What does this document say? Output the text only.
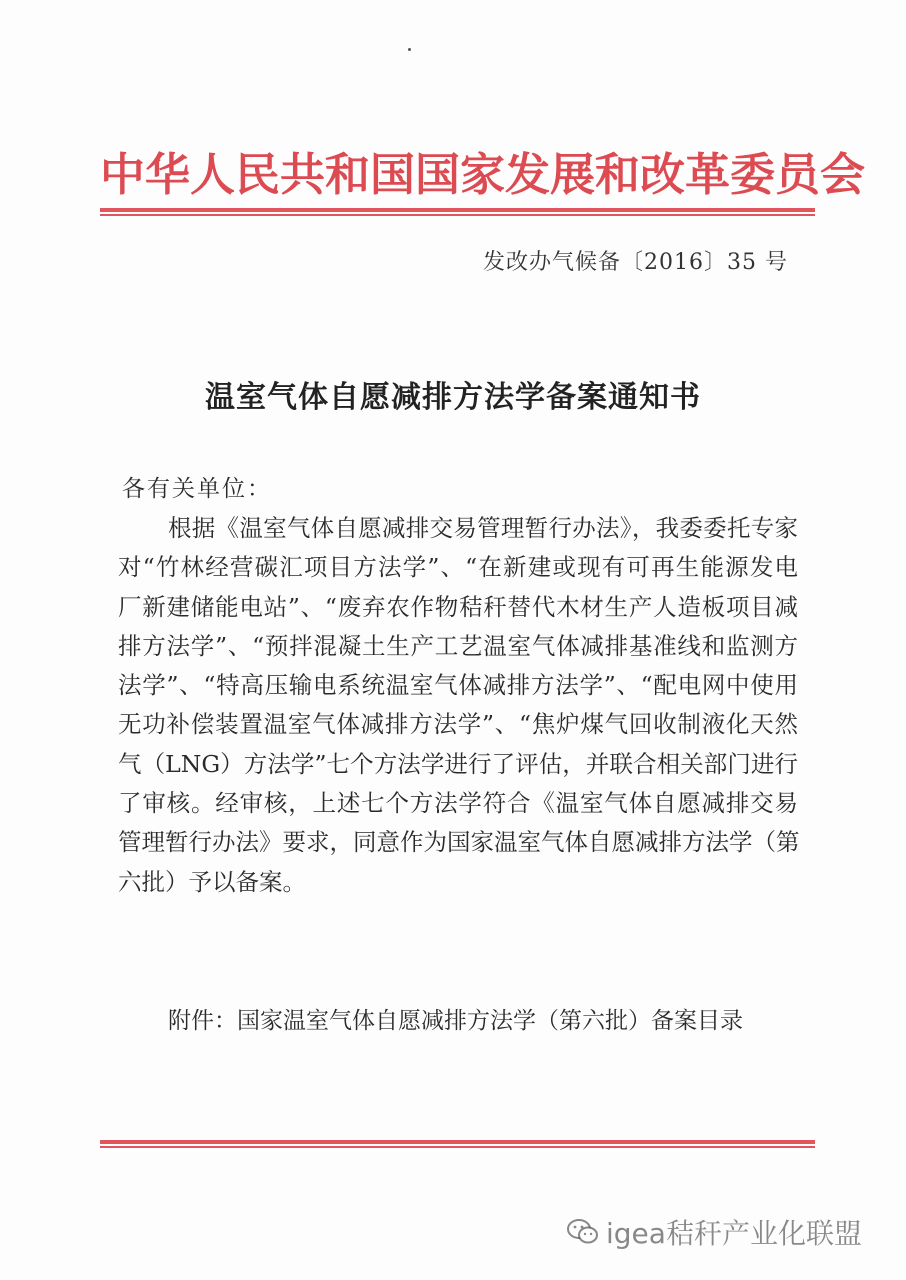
中华人民共和国国家发展和改革委员会
发改办气候备〔2016〕35 号
温室气体自愿减排方法学备案通知书
各有关单位：
根据《温室气体自愿减排交易管理暂行办法》，我委委托专家
对“竹林经营碳汇项目方法学”、“在新建或现有可再生能源发电
厂新建储能电站”、“废弃农作物秸秆替代木材生产人造板项目减
排方法学”、“预拌混凝土生产工艺温室气体减排基准线和监测方
法学”、“特高压输电系统温室气体减排方法学”、“配电网中使用
无功补偿装置温室气体减排方法学”、“焦炉煤气回收制液化天然
气（LNG）方法学”七个方法学进行了评估，并联合相关部门进行
了审核。经审核，上述七个方法学符合《温室气体自愿减排交易
管理暂行办法》要求，同意作为国家温室气体自愿减排方法学（第
六批）予以备案。
附件：国家温室气体自愿减排方法学（第六批）备案目录
igea秸秆产业化联盟
